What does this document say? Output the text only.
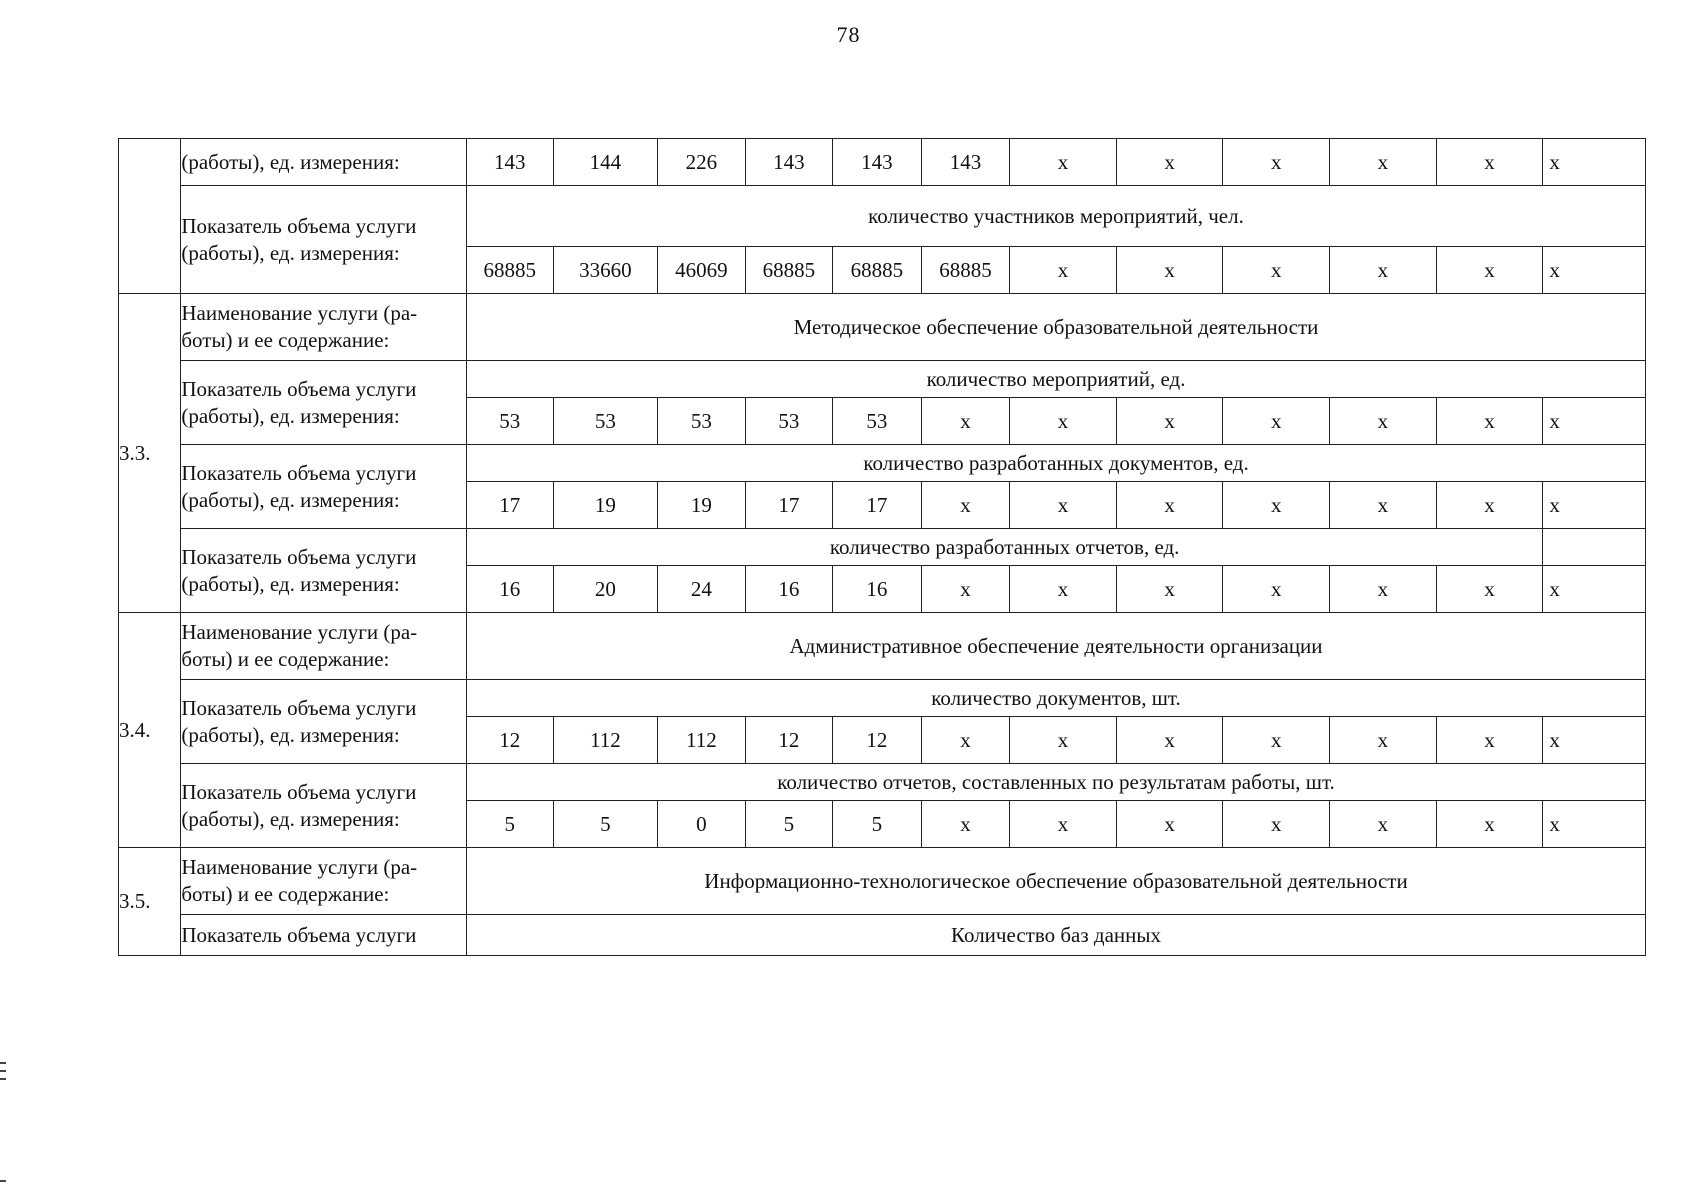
78
	(работы), ед. измерения:	143	144	226	143	143	143	х	х	х	х	х	х
	Показатель объема услуги (работы), ед. измерения:	количество участников мероприятий, чел.											
		68885	33660	46069	68885	68885	68885	х	х	х	х	х	х
3.3.	Наименование услуги (ра-боты) и ее содержание:	Методическое обеспечение образовательной деятельности											
	Показатель объема услуги (работы), ед. измерения:	количество мероприятий, ед.											
		53	53	53	53	53	х	х	х	х	х	х	х
	Показатель объема услуги (работы), ед. измерения:	количество разработанных документов, ед.											
		17	19	19	17	17	х	х	х	х	х	х	х
	Показатель объема услуги (работы), ед. измерения:	количество разработанных отчетов, ед.											
		16	20	24	16	16	х	х	х	х	х	х	х
3.4.	Наименование услуги (ра-боты) и ее содержание:	Административное обеспечение деятельности организации											
	Показатель объема услуги (работы), ед. измерения:	количество документов, шт.											
		12	112	112	12	12	х	х	х	х	х	х	х
	Показатель объема услуги (работы), ед. измерения:	количество отчетов, составленных по результатам работы, шт.											
		5	5	0	5	5	х	х	х	х	х	х	х
3.5.	Наименование услуги (ра-боты) и ее содержание:	Информационно-технологическое обеспечение образовательной деятельности											
	Показатель объема услуги	Количество баз данных											
